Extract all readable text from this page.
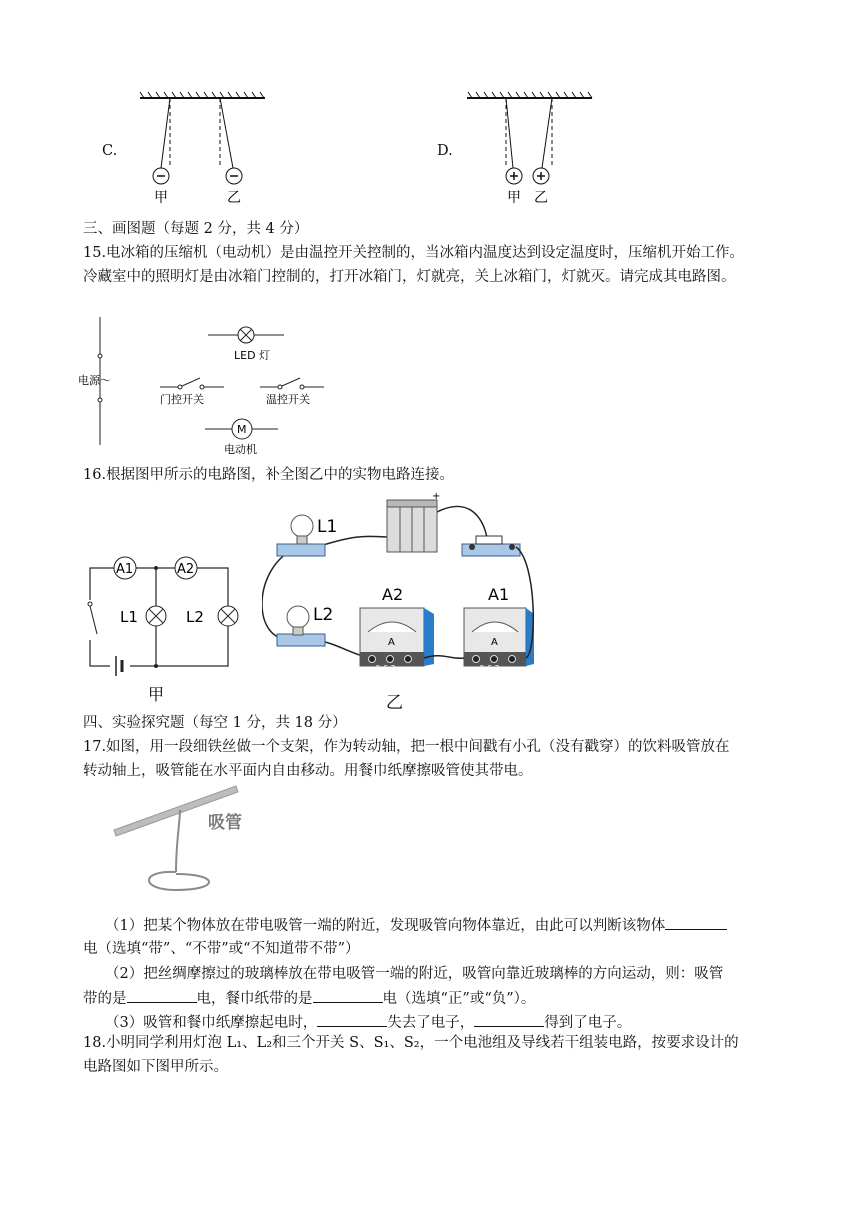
C.
甲	乙
D.
甲 乙
三、画图题（每题 2 分，共 4 分）
15.电冰箱的压缩机（电动机）是由温控开关控制的，当冰箱内温度达到设定温度时，压缩机开始工作。
冷藏室中的照明灯是由冰箱门控制的，打开冰箱门，灯就亮，关上冰箱门，灯就灭。请完成其电路图。
电源～
LED 灯
门控开关	温控开关
M
电动机
16.根据图甲所示的电路图，补全图乙中的实物电路连接。
A1	A2
L1	L2
甲
L1
L2
+
A2
A
− 0.6 3
A1
A
− 0.6 3
乙
四、实验探究题（每空 1 分，共 18 分）
17.如图，用一段细铁丝做一个支架，作为转动轴，把一根中间戳有小孔（没有戳穿）的饮料吸管放在
转动轴上，吸管能在水平面内自由移动。用餐巾纸摩擦吸管使其带电。
吸管
（1）把某个物体放在带电吸管一端的附近，发现吸管向物体靠近，由此可以判断该物体
电（选填“带”、“不带”或“不知道带不带”）
（2）把丝绸摩擦过的玻璃棒放在带电吸管一端的附近，吸管向靠近玻璃棒的方向运动，则：吸管
带的是	电，餐巾纸带的是	电（选填“正”或“负”）。
（3）吸管和餐巾纸摩擦起电时，	失去了电子，	得到了电子。
18.小明同学利用灯泡 L₁、L₂和三个开关 S、S₁、S₂，一个电池组及导线若干组装电路，按要求设计的
电路图如下图甲所示。
